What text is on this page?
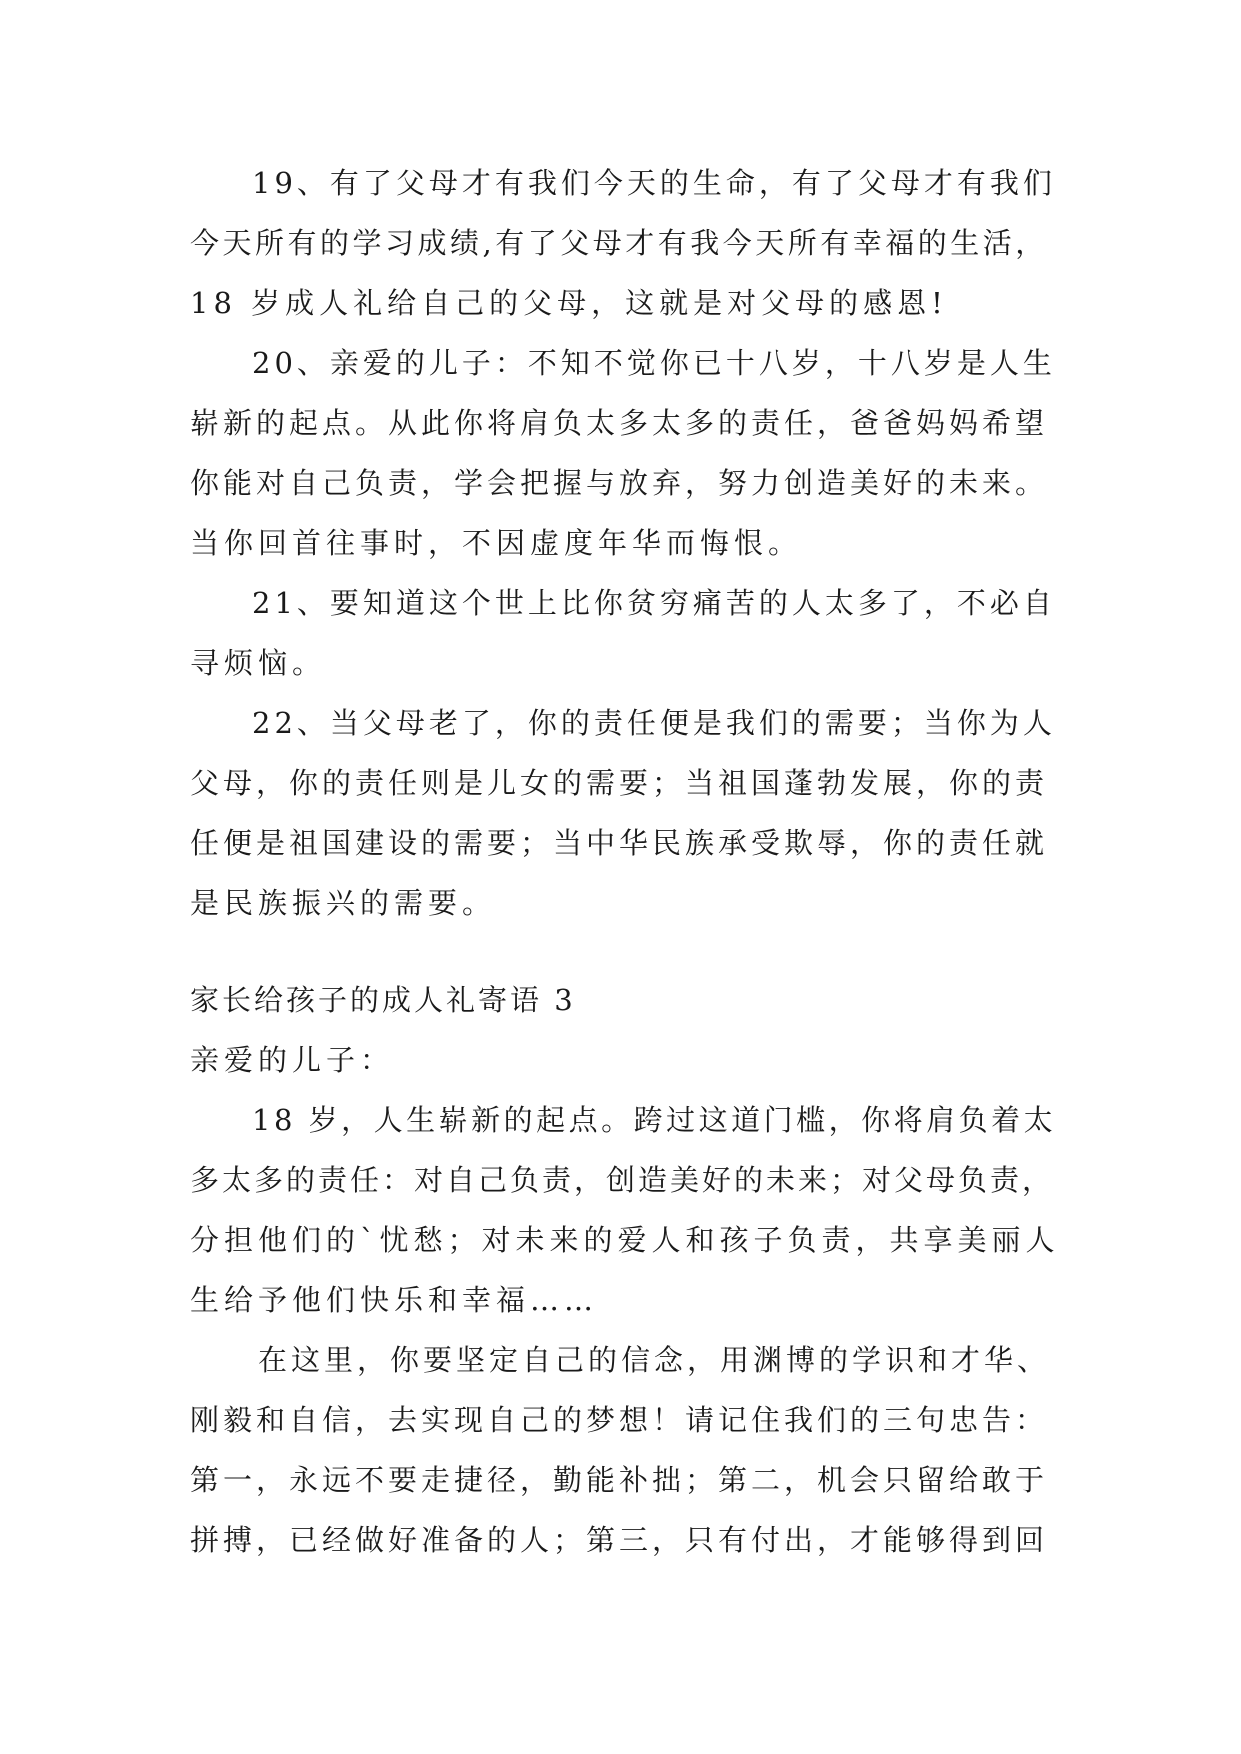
19、有了父母才有我们今天的生命，有了父母才有我们

今天所有的学习成绩,有了父母才有我今天所有幸福的生活，

18 岁成人礼给自己的父母，这就是对父母的感恩!

20、亲爱的儿子：不知不觉你已十八岁，十八岁是人生

崭新的起点。从此你将肩负太多太多的责任，爸爸妈妈希望

你能对自己负责，学会把握与放弃，努力创造美好的未来。

当你回首往事时，不因虚度年华而悔恨。

21、要知道这个世上比你贫穷痛苦的人太多了，不必自

寻烦恼。

22、当父母老了，你的责任便是我们的需要；当你为人

父母，你的责任则是儿女的需要；当祖国蓬勃发展，你的责

任便是祖国建设的需要；当中华民族承受欺辱，你的责任就

是民族振兴的需要。

家长给孩子的成人礼寄语 3

亲爱的儿子：

18 岁，人生崭新的起点。跨过这道门槛，你将肩负着太

多太多的责任：对自己负责，创造美好的未来；对父母负责，

分担他们的`忧愁；对未来的爱人和孩子负责，共享美丽人

生给予他们快乐和幸福……

在这里，你要坚定自己的信念，用渊博的学识和才华、

刚毅和自信，去实现自己的梦想！请记住我们的三句忠告：

第一，永远不要走捷径，勤能补拙；第二，机会只留给敢于

拼搏，已经做好准备的人；第三，只有付出，才能够得到回
